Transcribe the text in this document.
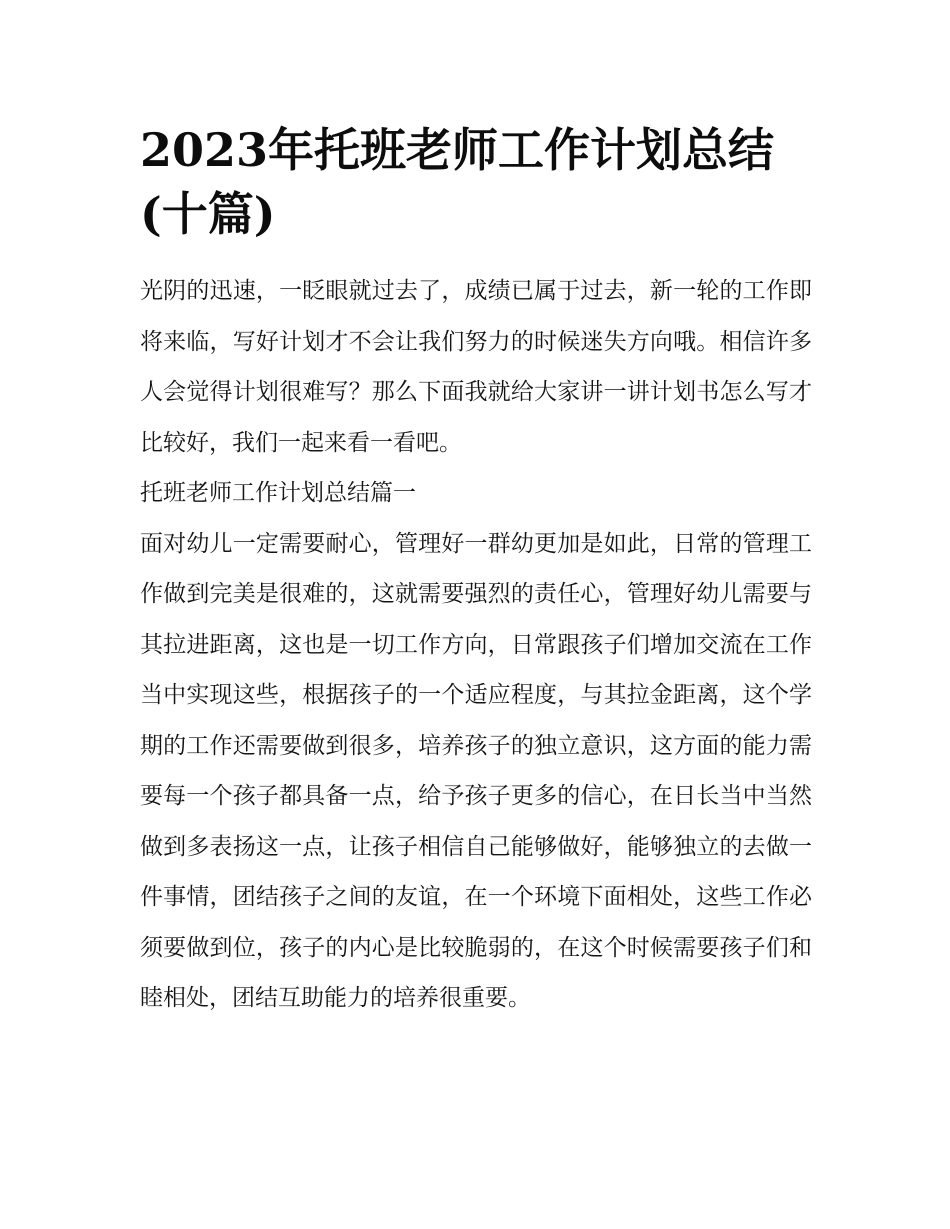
2023年托班老师工作计划总结(十篇)

光阴的迅速，一眨眼就过去了，成绩已属于过去，新一轮的工作即将来临，写好计划才不会让我们努力的时候迷失方向哦。相信许多人会觉得计划很难写？那么下面我就给大家讲一讲计划书怎么写才比较好，我们一起来看一看吧。

托班老师工作计划总结篇一

面对幼儿一定需要耐心，管理好一群幼更加是如此，日常的管理工作做到完美是很难的，这就需要强烈的责任心，管理好幼儿需要与其拉进距离，这也是一切工作方向，日常跟孩子们增加交流在工作当中实现这些，根据孩子的一个适应程度，与其拉金距离，这个学期的工作还需要做到很多，培养孩子的独立意识，这方面的能力需要每一个孩子都具备一点，给予孩子更多的信心，在日长当中当然做到多表扬这一点，让孩子相信自己能够做好，能够独立的去做一件事情，团结孩子之间的友谊，在一个环境下面相处，这些工作必须要做到位，孩子的内心是比较脆弱的，在这个时候需要孩子们和睦相处，团结互助能力的培养很重要。
